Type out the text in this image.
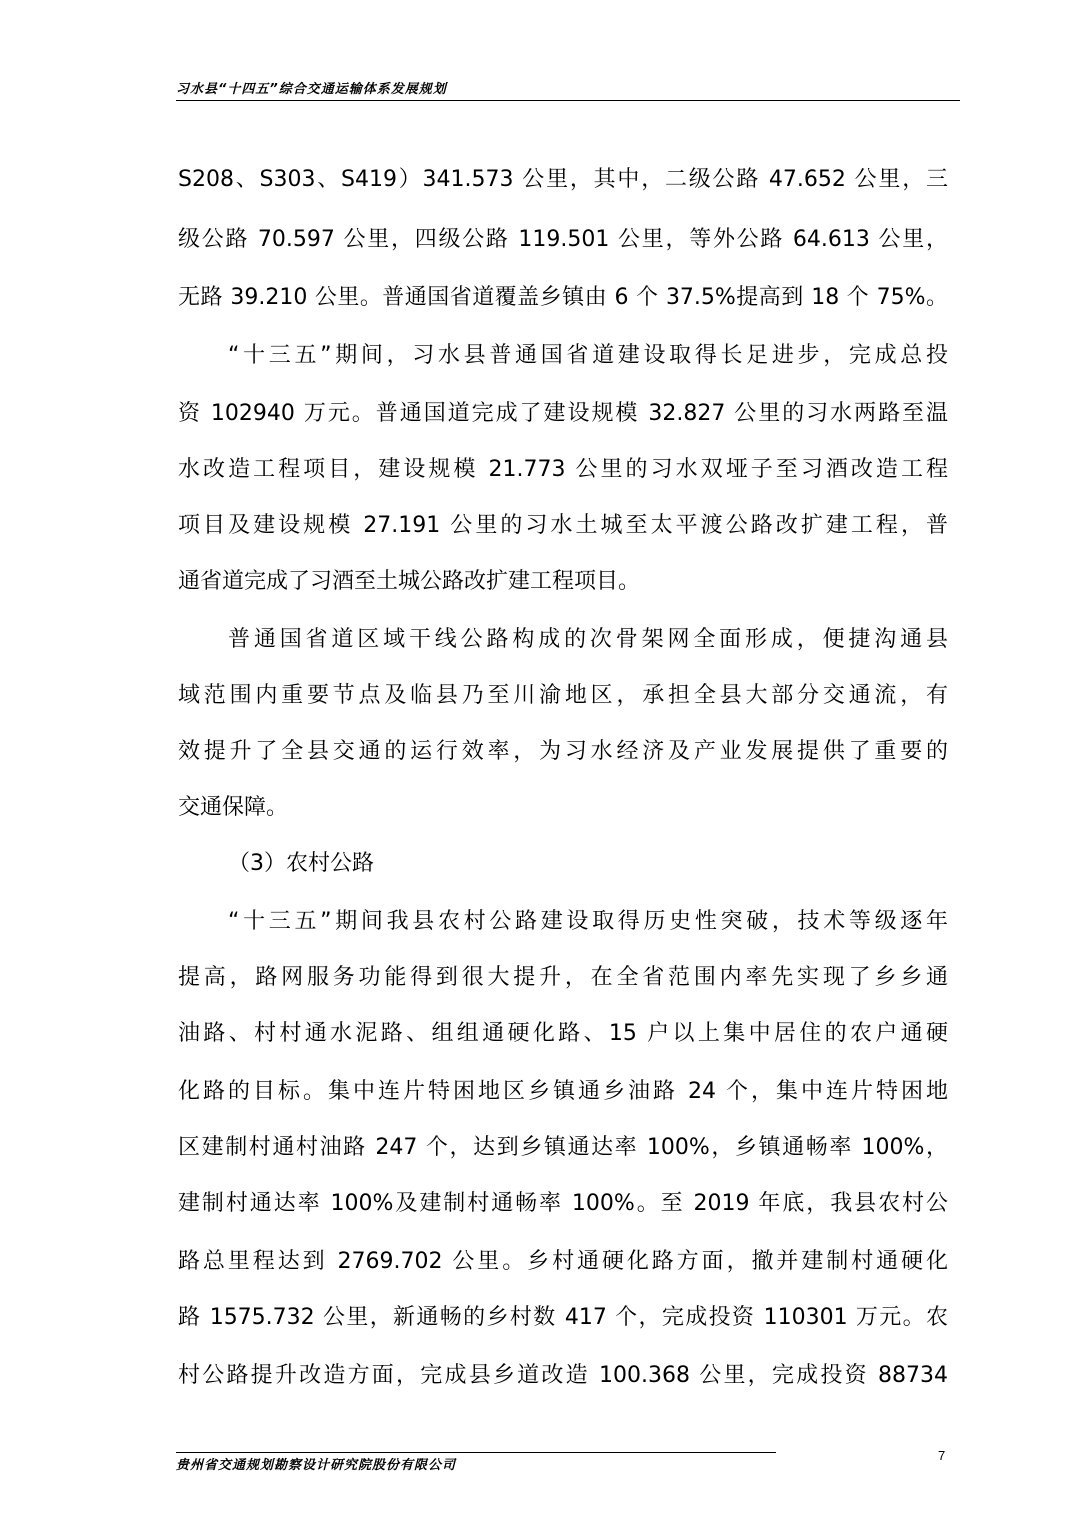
习水县“十四五”综合交通运输体系发展规划
S208、S303、S419）341.573 公里，其中，二级公路 47.652 公里，三
级公路 70.597 公里，四级公路 119.501 公里，等外公路 64.613 公里，
无路 39.210 公里。普通国省道覆盖乡镇由 6 个 37.5%提高到 18 个 75%。
“十三五”期间，习水县普通国省道建设取得长足进步，完成总投
资 102940 万元。普通国道完成了建设规模 32.827 公里的习水两路至温
水改造工程项目，建设规模 21.773 公里的习水双垭子至习酒改造工程
项目及建设规模 27.191 公里的习水土城至太平渡公路改扩建工程，普
通省道完成了习酒至土城公路改扩建工程项目。
普通国省道区域干线公路构成的次骨架网全面形成，便捷沟通县
域范围内重要节点及临县乃至川渝地区，承担全县大部分交通流，有
效提升了全县交通的运行效率，为习水经济及产业发展提供了重要的
交通保障。
（3）农村公路
“十三五”期间我县农村公路建设取得历史性突破，技术等级逐年
提高，路网服务功能得到很大提升，在全省范围内率先实现了乡乡通
油路、村村通水泥路、组组通硬化路、15 户以上集中居住的农户通硬
化路的目标。集中连片特困地区乡镇通乡油路 24 个，集中连片特困地
区建制村通村油路 247 个，达到乡镇通达率 100%，乡镇通畅率 100%，
建制村通达率 100%及建制村通畅率 100%。至 2019 年底，我县农村公
路总里程达到 2769.702 公里。乡村通硬化路方面，撤并建制村通硬化
路 1575.732 公里，新通畅的乡村数 417 个，完成投资 110301 万元。农
村公路提升改造方面，完成县乡道改造 100.368 公里，完成投资 88734
贵州省交通规划勘察设计研究院股份有限公司
7
